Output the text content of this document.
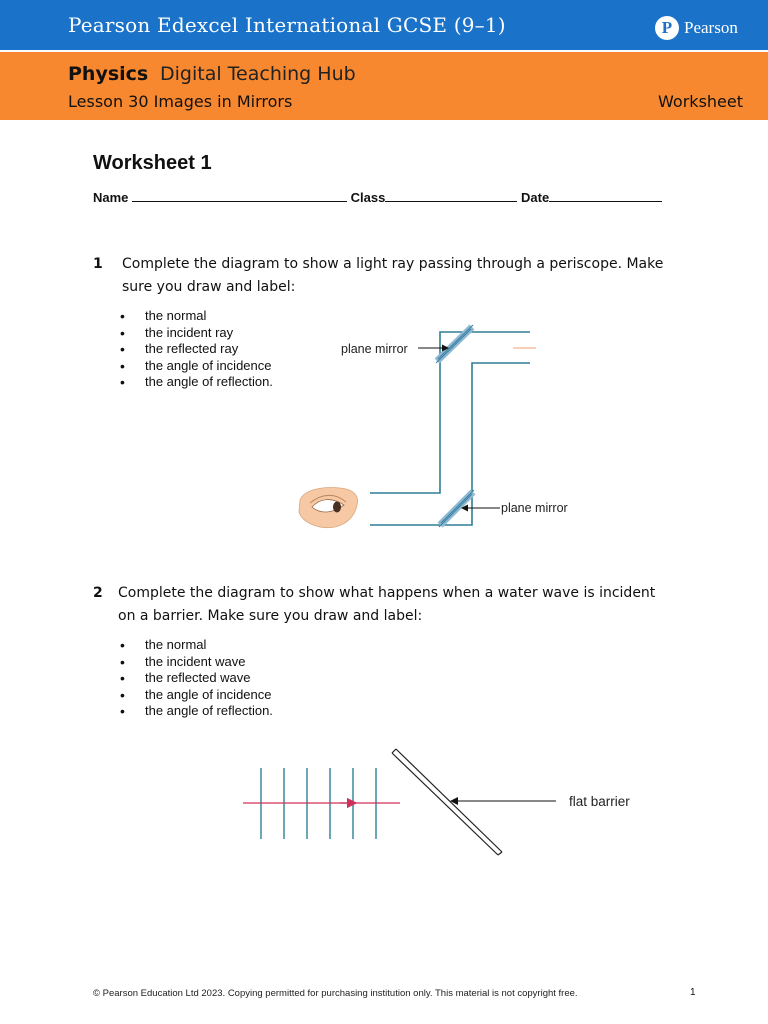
Pearson Edexcel International GCSE (9–1)	P Pearson
Physics Digital Teaching Hub
Lesson 30 Images in Mirrors	Worksheet
Worksheet 1
Name	Class	Date
1 Complete the diagram to show a light ray passing through a periscope. Make
sure you draw and label:
• the normal
• the incident ray
• the reflected ray
• the angle of incidence
• the angle of reflection.
plane mirror
plane mirror
2 Complete the diagram to show what happens when a water wave is incident
on a barrier. Make sure you draw and label:
• the normal
• the incident wave
• the reflected wave
• the angle of incidence
• the angle of reflection.
flat barrier
© Pearson Education Ltd 2023. Copying permitted for purchasing institution only. This material is not copyright free.	1
